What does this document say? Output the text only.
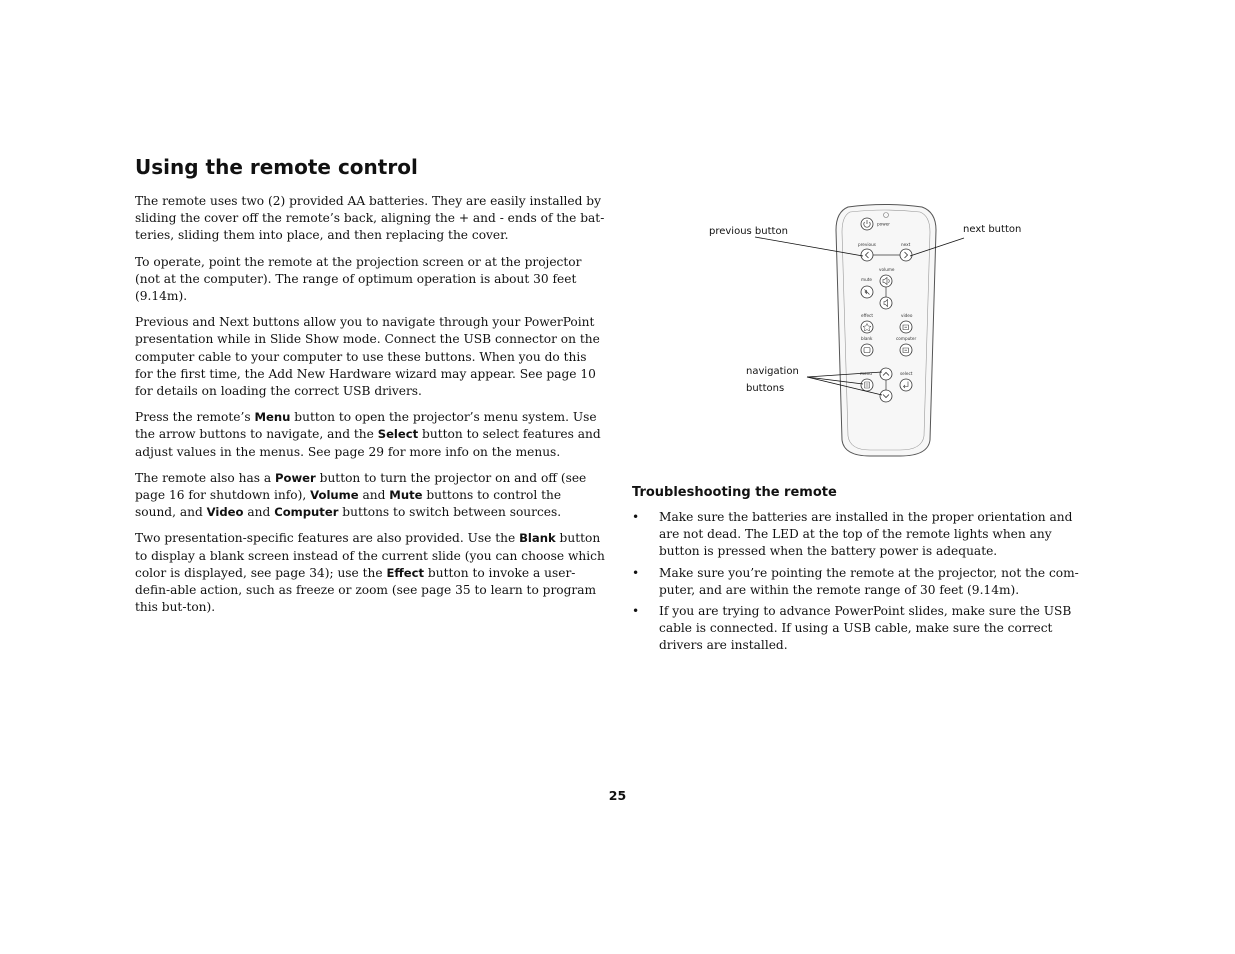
Using the remote control

The remote uses two (2) provided AA batteries. They are easily installed by sliding the cover off the remote’s back, aligning the + and - ends of the bat-teries, sliding them into place, and then replacing the cover.

To operate, point the remote at the projection screen or at the projector (not at the computer). The range of optimum operation is about 30 feet (9.14m).

Previous and Next buttons allow you to navigate through your PowerPoint presentation while in Slide Show mode. Connect the USB connector on the computer cable to your computer to use these buttons. When you do this for the first time, the Add New Hardware wizard may appear. See page 10 for details on loading the correct USB drivers.

Press the remote’s Menu button to open the projector’s menu system. Use the arrow buttons to navigate, and the Select button to select features and adjust values in the menus. See page 29 for more info on the menus.

The remote also has a Power button to turn the projector on and off (see page 16 for shutdown info), Volume and Mute buttons to control the sound, and Video and Computer buttons to switch between sources.

Two presentation-specific features are also provided. Use the Blank button to display a blank screen instead of the current slide (you can choose which color is displayed, see page 34); use the Effect button to invoke a user-defin-able action, such as freeze or zoom (see page 35 to learn to program this but-ton).

power
previous	next
volume
mute
effect	video
blank	computer
menu	select
previous button	next button
navigation
buttons
Troubleshooting the remote
• Make sure the batteries are installed in the proper orientation and are not dead. The LED at the top of the remote lights when any button is pressed when the battery power is adequate.
• Make sure you’re pointing the remote at the projector, not the com-puter, and are within the remote range of 30 feet (9.14m).
• If you are trying to advance PowerPoint slides, make sure the USB cable is connected. If using a USB cable, make sure the correct drivers are installed.
25
